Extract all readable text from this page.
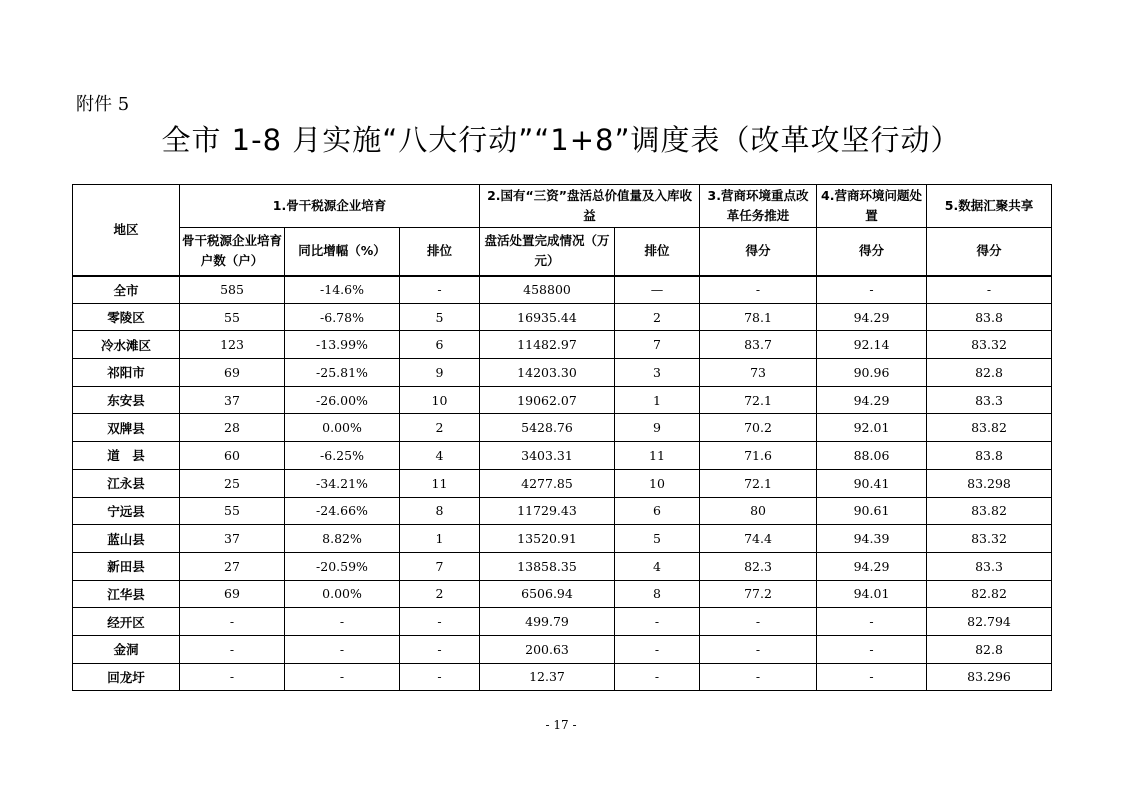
附件 5
全市 1-8 月实施“八大行动”“1+8”调度表（改革攻坚行动）
地区	1.骨干税源企业培育			2.国有“三资”盘活总价值量及入库收益		3.营商环境重点改革任务推进	4.营商环境问题处置	5.数据汇聚共享
	骨干税源企业培育户数（户）	同比增幅（%）	排位	盘活处置完成情况（万元）	排位	得分	得分	得分
全市	585	-14.6%	-	458800	—	-	-	-
零陵区	55	-6.78%	5	16935.44	2	78.1	94.29	83.8
冷水滩区	123	-13.99%	6	11482.97	7	83.7	92.14	83.32
祁阳市	69	-25.81%	9	14203.30	3	73	90.96	82.8
东安县	37	-26.00%	10	19062.07	1	72.1	94.29	83.3
双牌县	28	0.00%	2	5428.76	9	70.2	92.01	83.82
道　县	60	-6.25%	4	3403.31	11	71.6	88.06	83.8
江永县	25	-34.21%	11	4277.85	10	72.1	90.41	83.298
宁远县	55	-24.66%	8	11729.43	6	80	90.61	83.82
蓝山县	37	8.82%	1	13520.91	5	74.4	94.39	83.32
新田县	27	-20.59%	7	13858.35	4	82.3	94.29	83.3
江华县	69	0.00%	2	6506.94	8	77.2	94.01	82.82
经开区	-	-	-	499.79	-	-	-	82.794
金洞	-	-	-	200.63	-	-	-	82.8
回龙圩	-	-	-	12.37	-	-	-	83.296
- 17 -
